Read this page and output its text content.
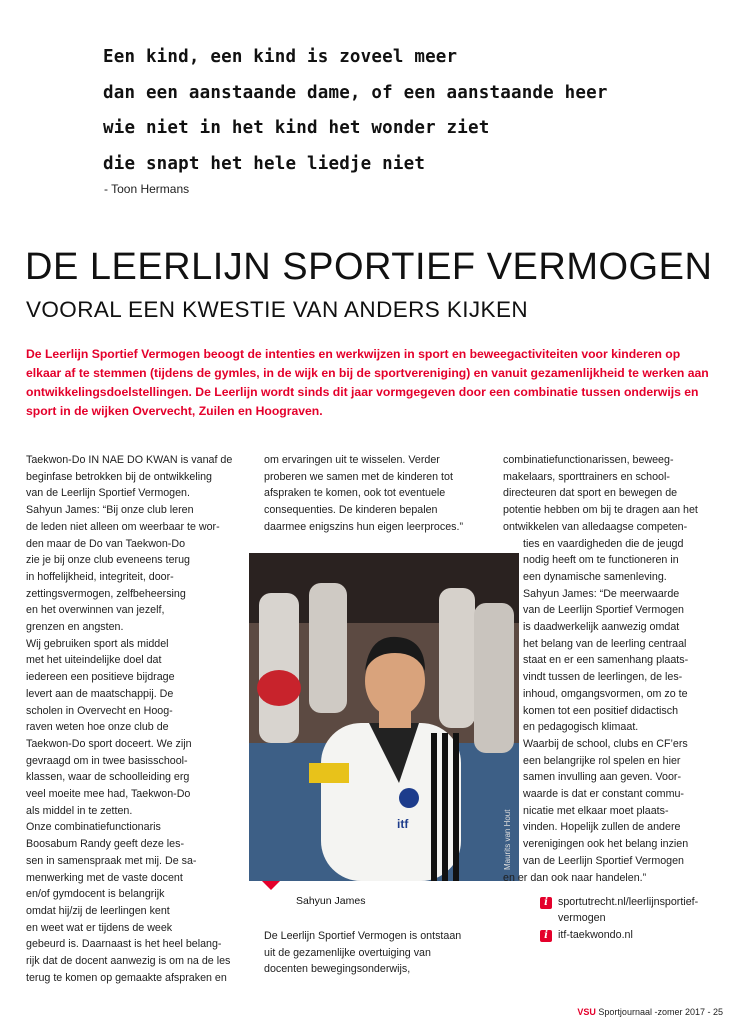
Een kind, een kind is zoveel meer
dan een aanstaande dame, of een aanstaande heer
wie niet in het kind het wonder ziet
die snapt het hele liedje niet
- Toon Hermans
DE LEERLIJN SPORTIEF VERMOGEN
VOORAL EEN KWESTIE VAN ANDERS KIJKEN

De Leerlijn Sportief Vermogen beoogt de intenties en werkwijzen in sport en beweegactiviteiten voor kinderen op elkaar af te stemmen (tijdens de gymles, in de wijk en bij de sportvereniging) en vanuit gezamenlijkheid te werken aan ontwikkelingsdoelstellingen. De Leerlijn wordt sinds dit jaar vormgegeven door een combinatie tussen onderwijs en sport in de wijken Overvecht, Zuilen en Hoograven.

Taekwon-Do IN NAE DO KWAN is vanaf de
beginfase betrokken bij de ontwikkeling
van de Leerlijn Sportief Vermogen.
Sahyun James: “Bij onze club leren
de leden niet alleen om weerbaar te wor-
den maar de Do van Taekwon-Do
zie je bij onze club eveneens terug
in hoffelijkheid, integriteit, door-
zettingsvermogen, zelfbeheersing
en het overwinnen van jezelf,
grenzen en angsten.
Wij gebruiken sport als middel
met het uiteindelijke doel dat
iedereen een positieve bijdrage
levert aan de maatschappij. De
scholen in Overvecht en Hoog-
raven weten hoe onze club de
Taekwon-Do sport doceert. We zijn
gevraagd om in twee basisschool-
klassen, waar de schoolleiding erg
veel moeite mee had, Taekwon-Do
als middel in te zetten.
Onze combinatiefunctionaris
Boosabum Randy geeft deze les-
sen in samenspraak met mij. De sa-
menwerking met de vaste docent
en/of gymdocent is belangrijk
omdat hij/zij de leerlingen kent
en weet wat er tijdens de week
gebeurd is. Daarnaast is het heel belang-
rijk dat de docent aanwezig is om na de les
terug te komen op gemaakte afspraken en
om ervaringen uit te wisselen. Verder
proberen we samen met de kinderen tot
afspraken te komen, ook tot eventuele
consequenties. De kinderen bepalen
daarmee enigszins hun eigen leerproces.”
itf	Maurits van Hout
Sahyun James
De Leerlijn Sportief Vermogen is ontstaan
uit de gezamenlijke overtuiging van
docenten bewegingsonderwijs,
combinatiefunctionarissen, beweeg-
makelaars, sporttrainers en school-
directeuren dat sport en bewegen de
potentie hebben om bij te dragen aan het
ontwikkelen van alledaagse competen-
ties en vaardigheden die de jeugd
nodig heeft om te functioneren in
een dynamische samenleving.
Sahyun James: “De meerwaarde
van de Leerlijn Sportief Vermogen
is daadwerkelijk aanwezig omdat
het belang van de leerling centraal
staat en er een samenhang plaats-
vindt tussen de leerlingen, de les-
inhoud, omgangsvormen, om zo te
komen tot een positief didactisch
en pedagogisch klimaat.
Waarbij de school, clubs en CF’ers
een belangrijke rol spelen en hier
samen invulling aan geven. Voor-
waarde is dat er constant commu-
nicatie met elkaar moet plaats-
vinden. Hopelijk zullen de andere
verenigingen ook het belang inzien
van de Leerlijn Sportief Vermogen
en er dan ook naar handelen.”
i sportutrecht.nl/leerlijnsportief-
vermogen
i itf-taekwondo.nl
VSU Sportjournaal -zomer 2017 - 25
